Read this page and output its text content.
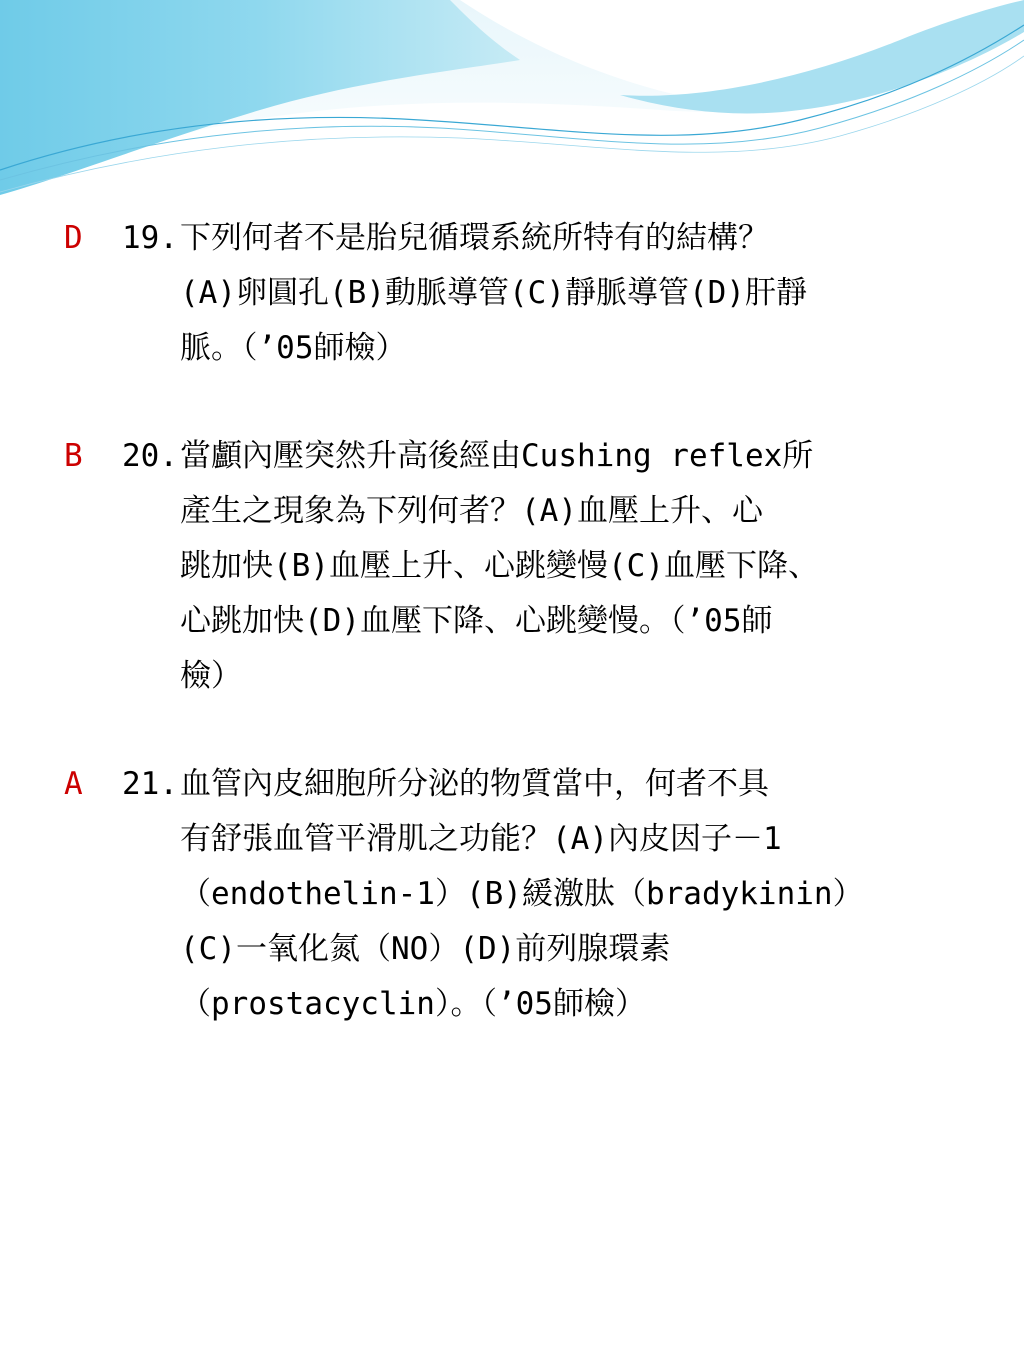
D 19. 下列何者不是胎兒循環系統所特有的結構？
(A)卵圓孔(B)動脈導管(C)靜脈導管(D)肝靜
脈。（’05師檢）
B 20. 當顱內壓突然升高後經由Cushing reflex所
產生之現象為下列何者？(A)血壓上升、心
跳加快(B)血壓上升、心跳變慢(C)血壓下降、
心跳加快(D)血壓下降、心跳變慢。（’05師
檢）
A 21. 血管內皮細胞所分泌的物質當中，何者不具
有舒張血管平滑肌之功能？(A)內皮因子－1
（endothelin-1）(B)緩激肽（bradykinin）
(C)一氧化氮（NO）(D)前列腺環素
（prostacyclin）。（’05師檢）
